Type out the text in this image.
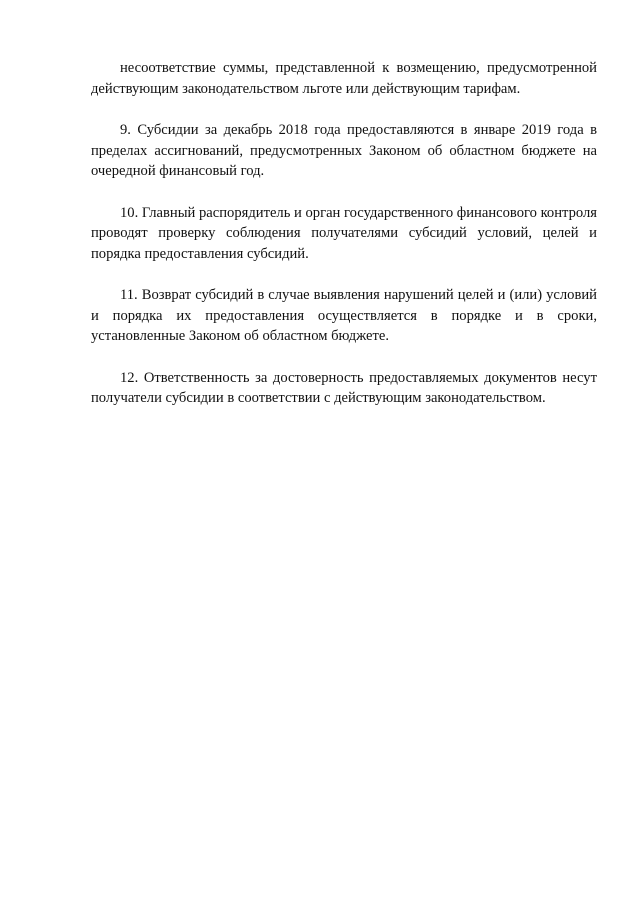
несоответствие суммы, представленной к возмещению, предусмотренной действующим законодательством льготе или действующим тарифам.

9. Субсидии за декабрь 2018 года предоставляются в январе 2019 года в пределах ассигнований, предусмотренных Законом об областном бюджете на очередной финансовый год.

10. Главный распорядитель и орган государственного финансового контроля проводят проверку соблюдения получателями субсидий условий, целей и порядка предоставления субсидий.

11. Возврат субсидий в случае выявления нарушений целей и (или) условий и порядка их предоставления осуществляется в порядке и в сроки, установленные Законом об областном бюджете.

12. Ответственность за достоверность предоставляемых документов несут получатели субсидии в соответствии с действующим законодательством.
